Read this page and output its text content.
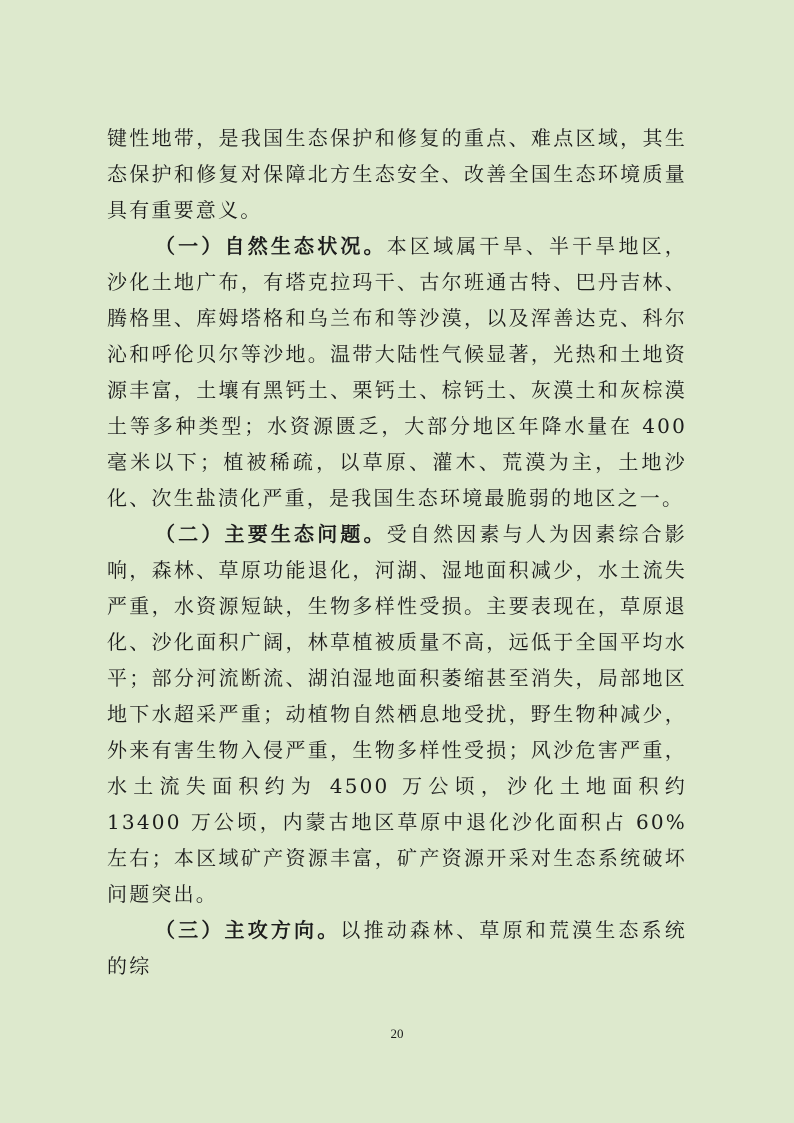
键性地带，是我国生态保护和修复的重点、难点区域，其生态保护和修复对保障北方生态安全、改善全国生态环境质量具有重要意义。

（一）自然生态状况。本区域属干旱、半干旱地区，沙化土地广布，有塔克拉玛干、古尔班通古特、巴丹吉林、腾格里、库姆塔格和乌兰布和等沙漠，以及浑善达克、科尔沁和呼伦贝尔等沙地。温带大陆性气候显著，光热和土地资源丰富，土壤有黑钙土、栗钙土、棕钙土、灰漠土和灰棕漠土等多种类型；水资源匮乏，大部分地区年降水量在 400 毫米以下；植被稀疏，以草原、灌木、荒漠为主，土地沙化、次生盐渍化严重，是我国生态环境最脆弱的地区之一。

（二）主要生态问题。受自然因素与人为因素综合影响，森林、草原功能退化，河湖、湿地面积减少，水土流失严重，水资源短缺，生物多样性受损。主要表现在，草原退化、沙化面积广阔，林草植被质量不高，远低于全国平均水平；部分河流断流、湖泊湿地面积萎缩甚至消失，局部地区地下水超采严重；动植物自然栖息地受扰，野生物种减少，外来有害生物入侵严重，生物多样性受损；风沙危害严重，水土流失面积约为 4500 万公顷，沙化土地面积约 13400 万公顷，内蒙古地区草原中退化沙化面积占 60%左右；本区域矿产资源丰富，矿产资源开采对生态系统破坏问题突出。

（三）主攻方向。以推动森林、草原和荒漠生态系统的综

20
